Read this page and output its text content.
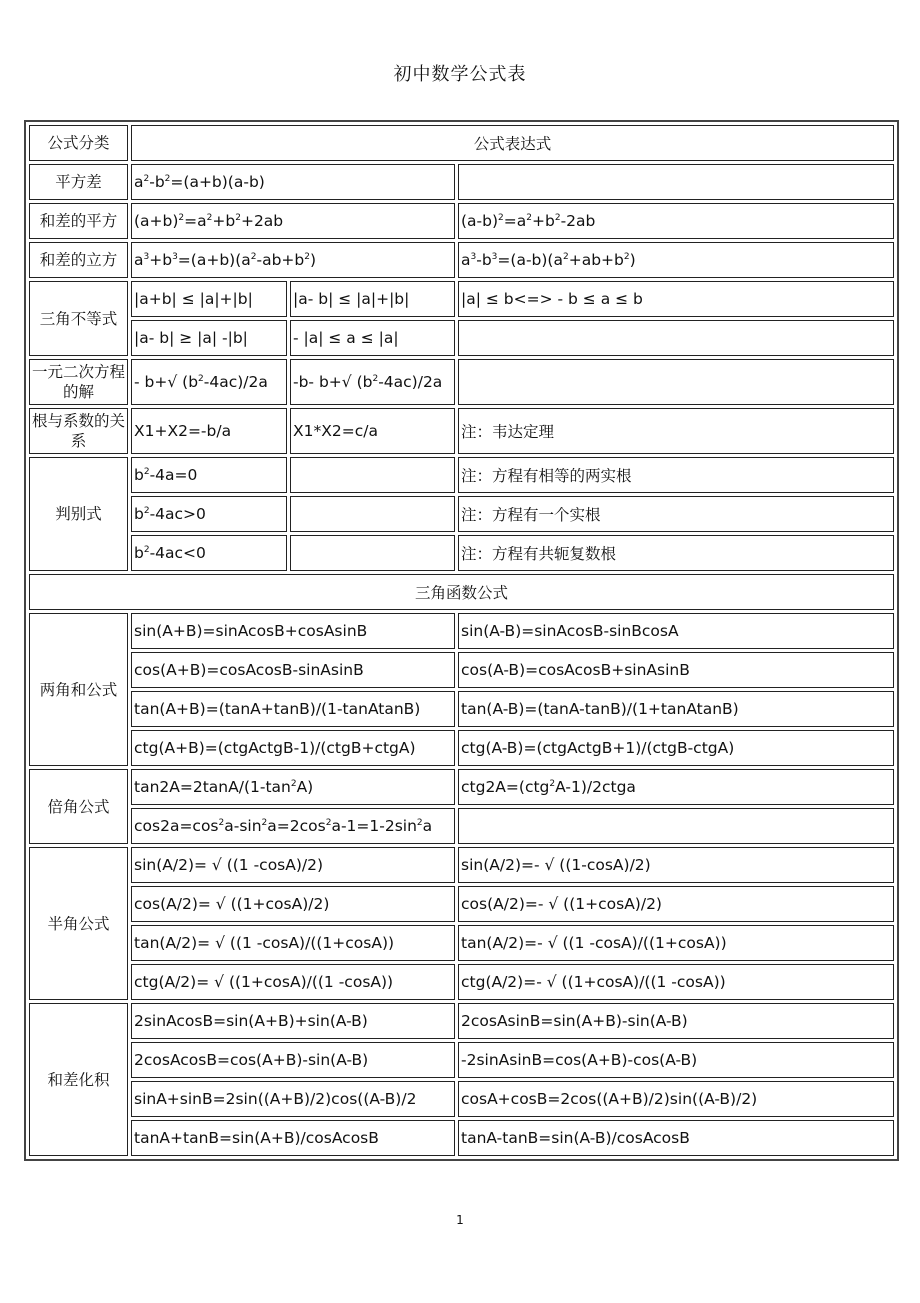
初中数学公式表
公式分类	公式表达式		
平方差	$a^2-b^2=(a+b)(a-b)$		
和差的平方	$(a+b)^2=a^2+b^2+2ab$		$(a-b)^2=a^2+b^2-2ab$
和差的立方	$a^3+b^3=(a+b)(a^2-ab+b^2)$		$a^3-b^3=(a-b)(a^2+ab+b^2)$
三角不等式	|a+b| ≤ |a|+|b|	|a- b| ≤ |a|+|b|	|a| ≤ b<=> - b ≤ a ≤ b
	|a- b| ≥ |a| -|b|	- |a| ≤ a ≤ |a|	
一元二次方程的解	- b+√ $(b^2-4ac)/2a$	-b- b+√ $(b^2-4ac)/2a$	
根与系数的关系	X1+X2=-b/a	X1*X2=c/a	注：韦达定理
判别式	$b^2-4a=0$		注：方程有相等的两实根
	$b^2-4ac>0$		注：方程有一个实根
	$b^2-4ac<0$		注：方程有共轭复数根
三角函数公式			
两角和公式	sin(A+B)=sinAcosB+cosAsinB		sin(A-B)=sinAcosB-sinBcosA
	cos(A+B)=cosAcosB-sinAsinB		cos(A-B)=cosAcosB+sinAsinB
	tan(A+B)=(tanA+tanB)/(1-tanAtanB)		tan(A-B)=(tanA-tanB)/(1+tanAtanB)
	ctg(A+B)=(ctgActgB-1)/(ctgB+ctgA)		ctg(A-B)=(ctgActgB+1)/(ctgB-ctgA)
倍角公式	$\tan 2A=2\tan A/(1-\tan^2A)$		ctg2A=(ctg$^2$A-1)/2ctga
	$\cos 2a=\cos^2a-\sin^2a=2\cos^2a-1=1-2\sin^2a$		
半角公式	sin(A/2)= √ ((1 -cosA)/2)		sin(A/2)=- √ ((1-cosA)/2)
	cos(A/2)= √ ((1+cosA)/2)		cos(A/2)=- √ ((1+cosA)/2)
	tan(A/2)= √ ((1 -cosA)/((1+cosA))		tan(A/2)=- √ ((1 -cosA)/((1+cosA))
	ctg(A/2)= √ ((1+cosA)/((1 -cosA))		ctg(A/2)=- √ ((1+cosA)/((1 -cosA))
和差化积	2sinAcosB=sin(A+B)+sin(A-B)		2cosAsinB=sin(A+B)-sin(A-B)
	2cosAcosB=cos(A+B)-sin(A-B)		-2sinAsinB=cos(A+B)-cos(A-B)
	sinA+sinB=2sin((A+B)/2)cos((A-B)/2		cosA+cosB=2cos((A+B)/2)sin((A-B)/2)
	tanA+tanB=sin(A+B)/cosAcosB		tanA-tanB=sin(A-B)/cosAcosB
1
